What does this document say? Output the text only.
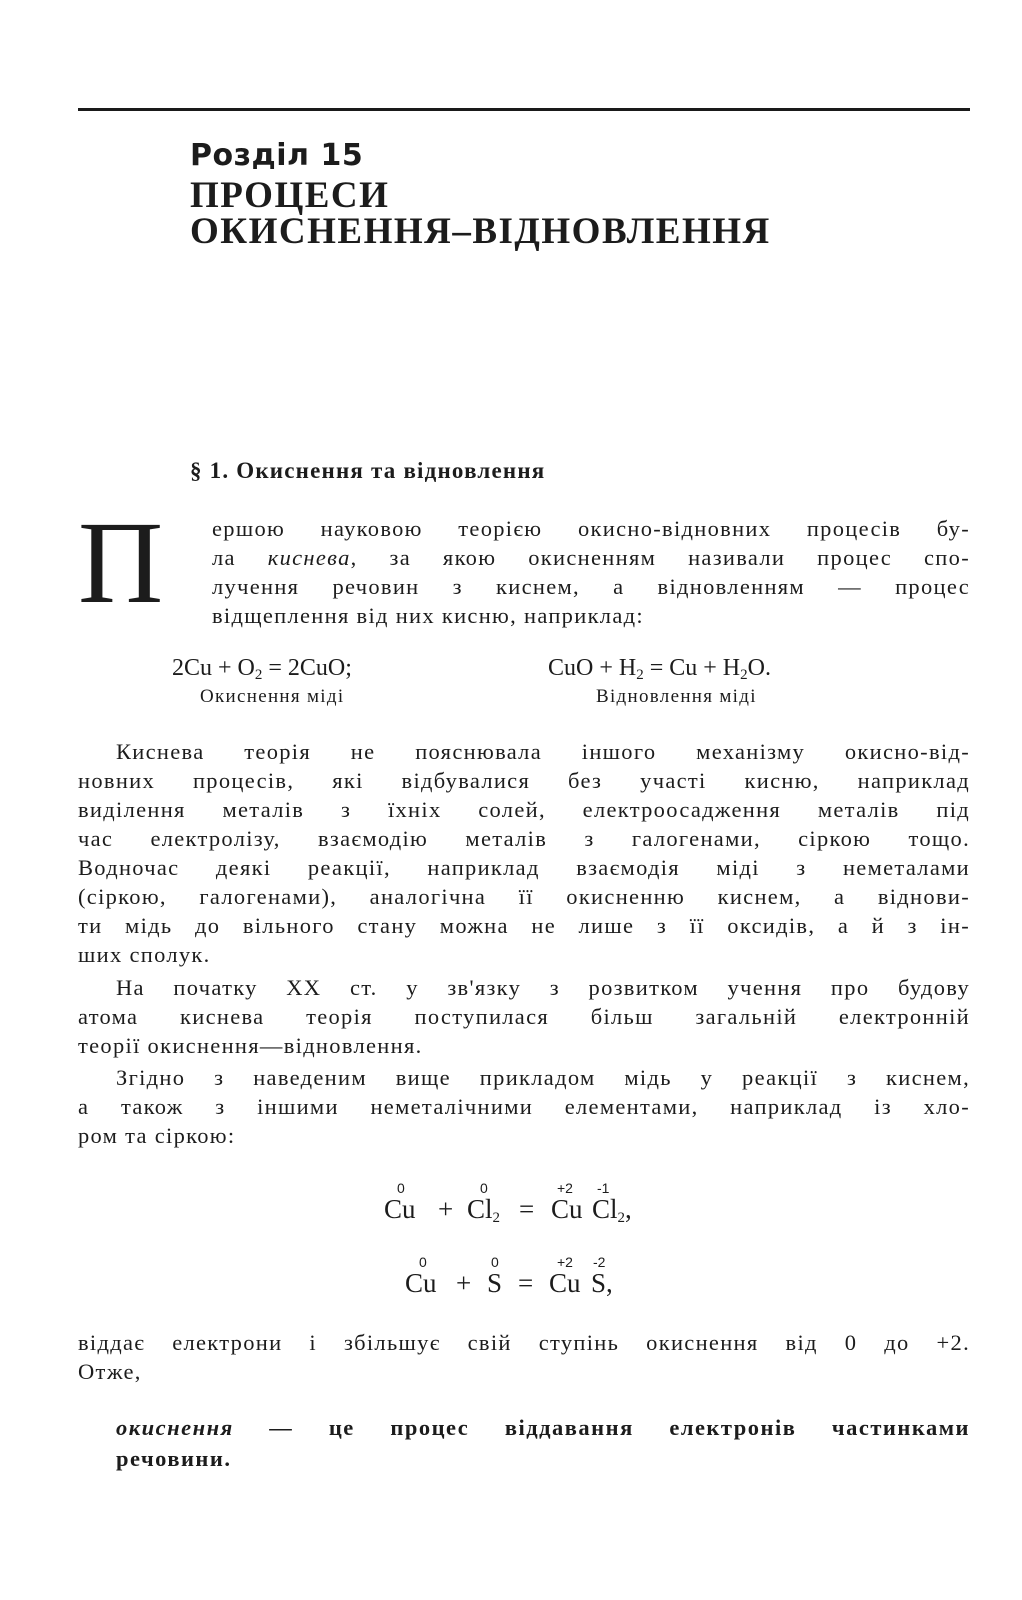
Розділ 15
ПРОЦЕСИ
ОКИСНЕННЯ–ВІДНОВЛЕННЯ
§ 1. Окиснення та відновлення
П ершою науковою теорією окисно-відновних процесів бу-
ла киснева, за якою окисненням називали процес спо-
лучення речовин з киснем, а відновленням — процес
відщеплення від них кисню, наприклад:
$2Cu + O_2 = 2CuO$;
Окиснення міді
CuO + $H_2 = Cu + H_2O$.
Відновлення міді
Киснева теорія не пояснювала іншого механізму окисно-від-
новних процесів, які відбувалися без участі кисню, наприклад
виділення металів з їхніх солей, електроосадження металів під
час електролізу, взаємодію металів з галогенами, сіркою тощо.
Водночас деякі реакції, наприклад взаємодія міді з неметалами
(сіркою, галогенами), аналогічна її окисненню киснем, а віднови-
ти мідь до вільного стану можна не лише з її оксидів, а й з ін-
ших сполук.
На початку XX ст. у зв'язку з розвитком учення про будову
атома киснева теорія поступилася більш загальній електронній
теорії окиснення—відновлення.
Згідно з наведеним вище прикладом мідь у реакції з киснем,
а також з іншими неметалічними елементами, наприклад із хло-
ром та сіркою:
0
Cu +
0
$Cl_2$ =
+2
Cu
-1
$Cl_2$,
0
Cu +
0
S =
+2
Cu
-2
S,
віддає електрони і збільшує свій ступінь окиснення від 0 до +2.
Отже,
окиснення — це процес віддавання електронів частинками
речовини.
